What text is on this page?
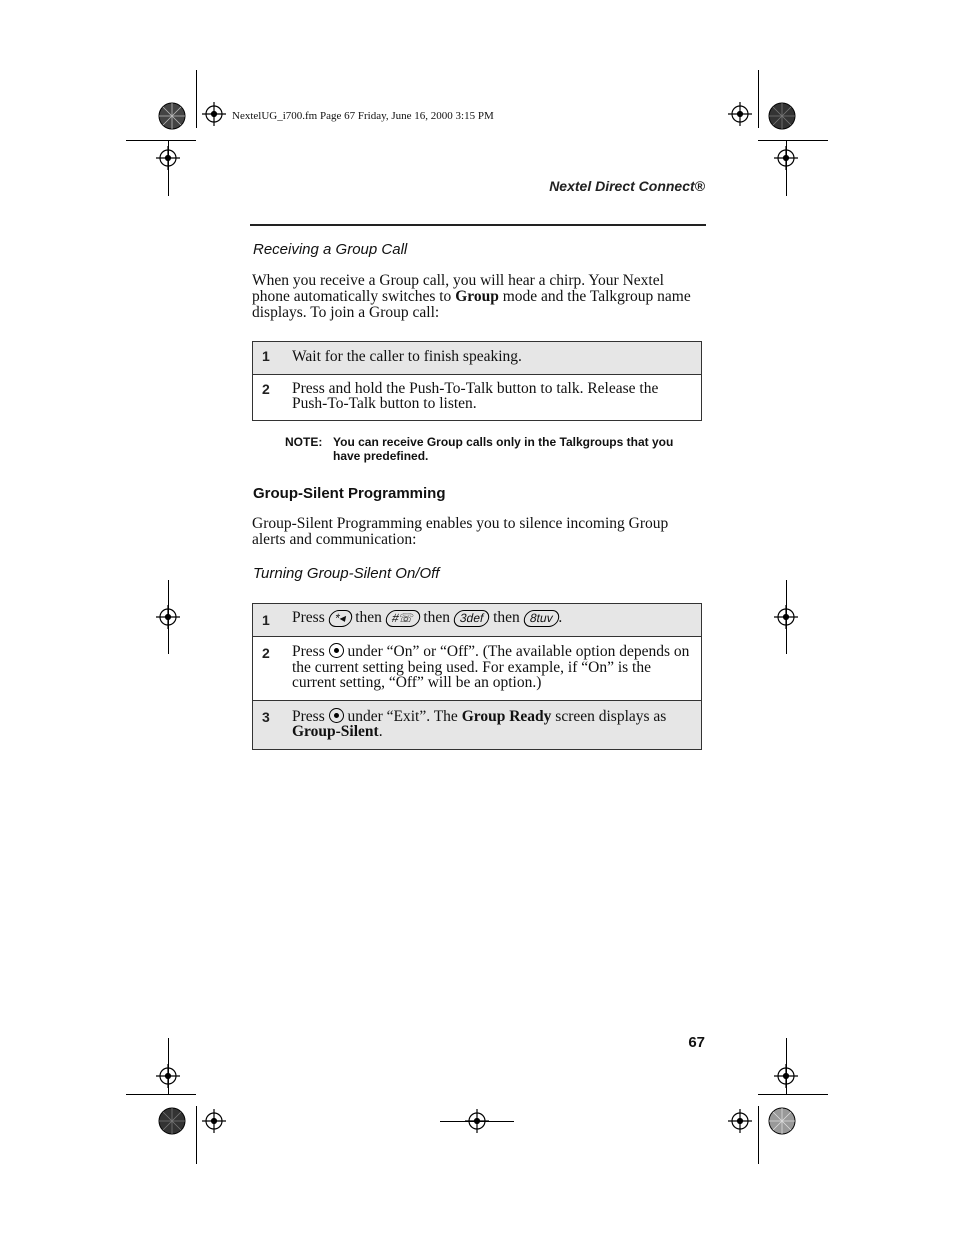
NextelUG_i700.fm Page 67 Friday, June 16, 2000 3:15 PM
Nextel Direct Connect®
Receiving a Group Call
When you receive a Group call, you will hear a chirp. Your Nextel phone automatically switches to Group mode and the Talkgroup name displays. To join a Group call:
1	Wait for the caller to finish speaking.
2	Press and hold the Push-To-Talk button to talk. Release the Push-To-Talk button to listen.
NOTE: You can receive Group calls only in the Talkgroups that you have predefined.
Group-Silent Programming
Group-Silent Programming enables you to silence incoming Group alerts and communication:
Turning Group-Silent On/Off
1	Press *◂ then #☏ then 3def then 8tuv .
2	Press under “On” or “Off”. (The available option depends on the current setting being used. For example, if “On” is the current setting, “Off” will be an option.)
3	Press under “Exit”. The Group Ready screen displays as Group-Silent.
67
